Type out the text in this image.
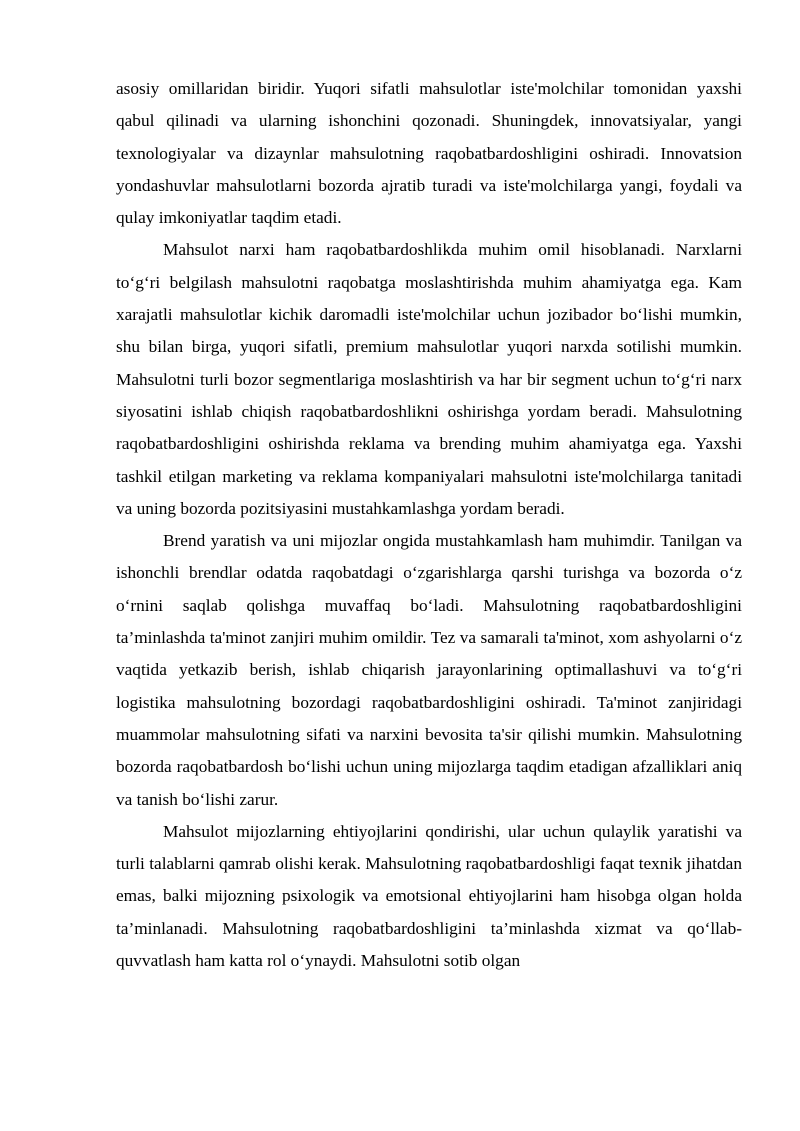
asosiy omillaridan biridir. Yuqori sifatli mahsulotlar iste'molchilar tomonidan yaxshi qabul qilinadi va ularning ishonchini qozonadi. Shuningdek, innovatsiyalar, yangi texnologiyalar va dizaynlar mahsulotning raqobatbardoshligini oshiradi. Innovatsion yondashuvlar mahsulotlarni bozorda ajratib turadi va iste'molchilarga yangi, foydali va qulay imkoniyatlar taqdim etadi.

Mahsulot narxi ham raqobatbardoshlikda muhim omil hisoblanadi. Narxlarni to‘g‘ri belgilash mahsulotni raqobatga moslashtirishda muhim ahamiyatga ega. Kam xarajatli mahsulotlar kichik daromadli iste'molchilar uchun jozibador bo‘lishi mumkin, shu bilan birga, yuqori sifatli, premium mahsulotlar yuqori narxda sotilishi mumkin. Mahsulotni turli bozor segmentlariga moslashtirish va har bir segment uchun to‘g‘ri narx siyosatini ishlab chiqish raqobatbardoshlikni oshirishga yordam beradi. Mahsulotning raqobatbardoshligini oshirishda reklama va brending muhim ahamiyatga ega. Yaxshi tashkil etilgan marketing va reklama kompaniyalari mahsulotni iste'molchilarga tanitadi va uning bozorda pozitsiyasini mustahkamlashga yordam beradi.

Brend yaratish va uni mijozlar ongida mustahkamlash ham muhimdir. Tanilgan va ishonchli brendlar odatda raqobatdagi o‘zgarishlarga qarshi turishga va bozorda o‘z o‘rnini saqlab qolishga muvaffaq bo‘ladi. Mahsulotning raqobatbardoshligini ta’minlashda ta'minot zanjiri muhim omildir. Tez va samarali ta'minot, xom ashyolarni o‘z vaqtida yetkazib berish, ishlab chiqarish jarayonlarining optimallashuvi va to‘g‘ri logistika mahsulotning bozordagi raqobatbardoshligini oshiradi. Ta'minot zanjiridagi muammolar mahsulotning sifati va narxini bevosita ta'sir qilishi mumkin. Mahsulotning bozorda raqobatbardosh bo‘lishi uchun uning mijozlarga taqdim etadigan afzalliklari aniq va tanish bo‘lishi zarur.

Mahsulot mijozlarning ehtiyojlarini qondirishi, ular uchun qulaylik yaratishi va turli talablarni qamrab olishi kerak. Mahsulotning raqobatbardoshligi faqat texnik jihatdan emas, balki mijozning psixologik va emotsional ehtiyojlarini ham hisobga olgan holda ta’minlanadi. Mahsulotning raqobatbardoshligini ta’minlashda xizmat va qo‘llab-quvvatlash ham katta rol o‘ynaydi. Mahsulotni sotib olgan
